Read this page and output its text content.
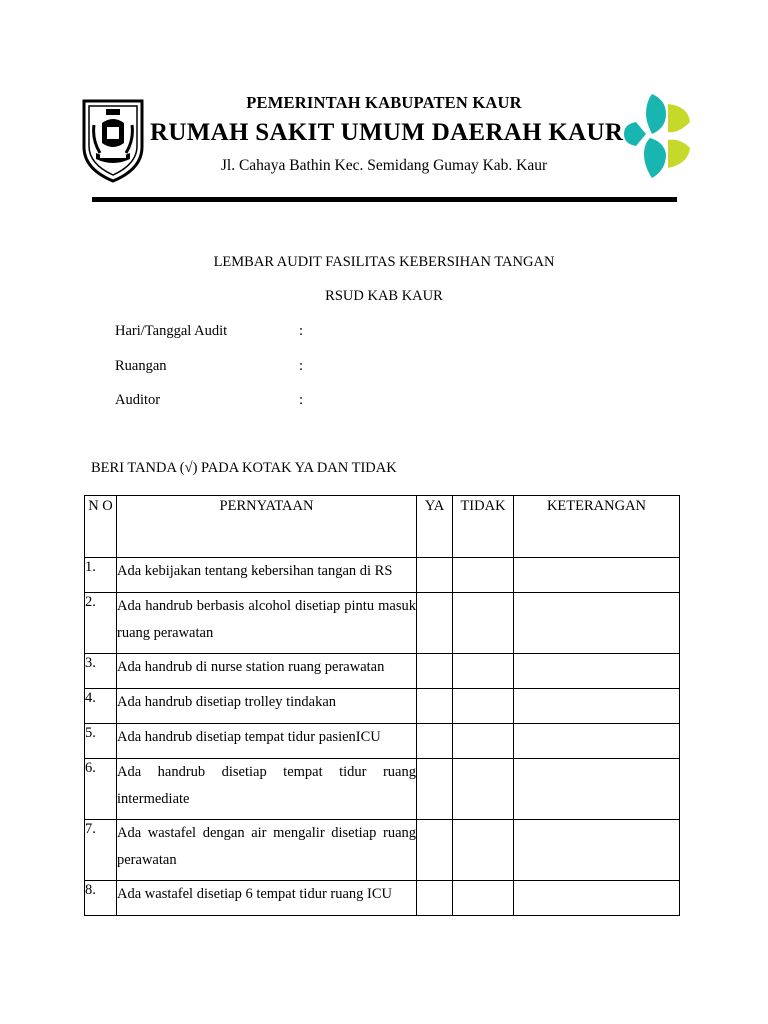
PEMERINTAH KABUPATEN KAUR
RUMAH SAKIT UMUM DAERAH KAUR
Jl. Cahaya Bathin Kec. Semidang Gumay Kab. Kaur
LEMBAR AUDIT FASILITAS KEBERSIHAN TANGAN
RSUD KAB KAUR
Hari/Tanggal Audit	:
Ruangan	:
Auditor	:
BERI TANDA (√) PADA KOTAK YA DAN TIDAK
N O	PERNYATAAN	YA	TIDAK	KETERANGAN
1.	Ada kebijakan tentang kebersihan tangan di RS			
2.	Ada handrub berbasis alcohol disetiap pintu masuk ruang perawatan			
3.	Ada handrub di nurse station ruang perawatan			
4.	Ada handrub disetiap trolley tindakan			
5.	Ada handrub disetiap tempat tidur pasienICU			
6.	Ada handrub disetiap tempat tidur ruang intermediate			
7.	Ada wastafel dengan air mengalir disetiap ruang perawatan			
8.	Ada wastafel disetiap 6 tempat tidur ruang ICU			
